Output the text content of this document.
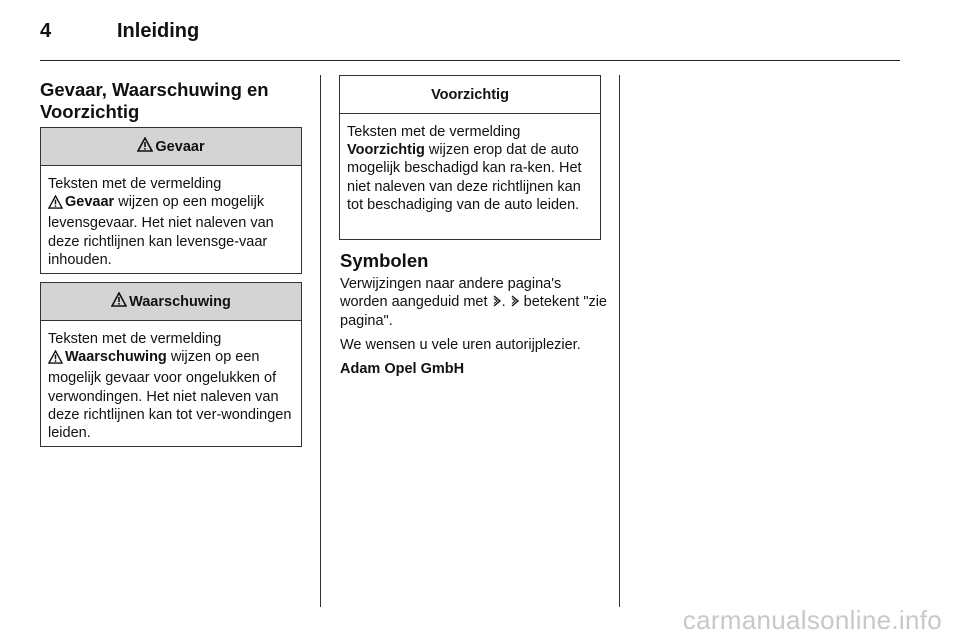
4	Inleiding
Gevaar, Waarschuwing en Voorzichtig
Gevaar
Teksten met de vermelding
Gevaar wijzen op een mogelijk levensgevaar. Het niet naleven van deze richtlijnen kan levensge-vaar inhouden.
Waarschuwing
Teksten met de vermelding
Waarschuwing wijzen op een mogelijk gevaar voor ongelukken of verwondingen. Het niet naleven van deze richtlijnen kan tot ver-wondingen leiden.
Voorzichtig
Teksten met de vermelding
Voorzichtig wijzen erop dat de auto mogelijk beschadigd kan ra-ken. Het niet naleven van deze richtlijnen kan tot beschadiging van de auto leiden.
Symbolen
Verwijzingen naar andere pagina's worden aangeduid met . betekent "zie pagina".
We wensen u vele uren autorijplezier.
Adam Opel GmbH
carmanualsonline.info
